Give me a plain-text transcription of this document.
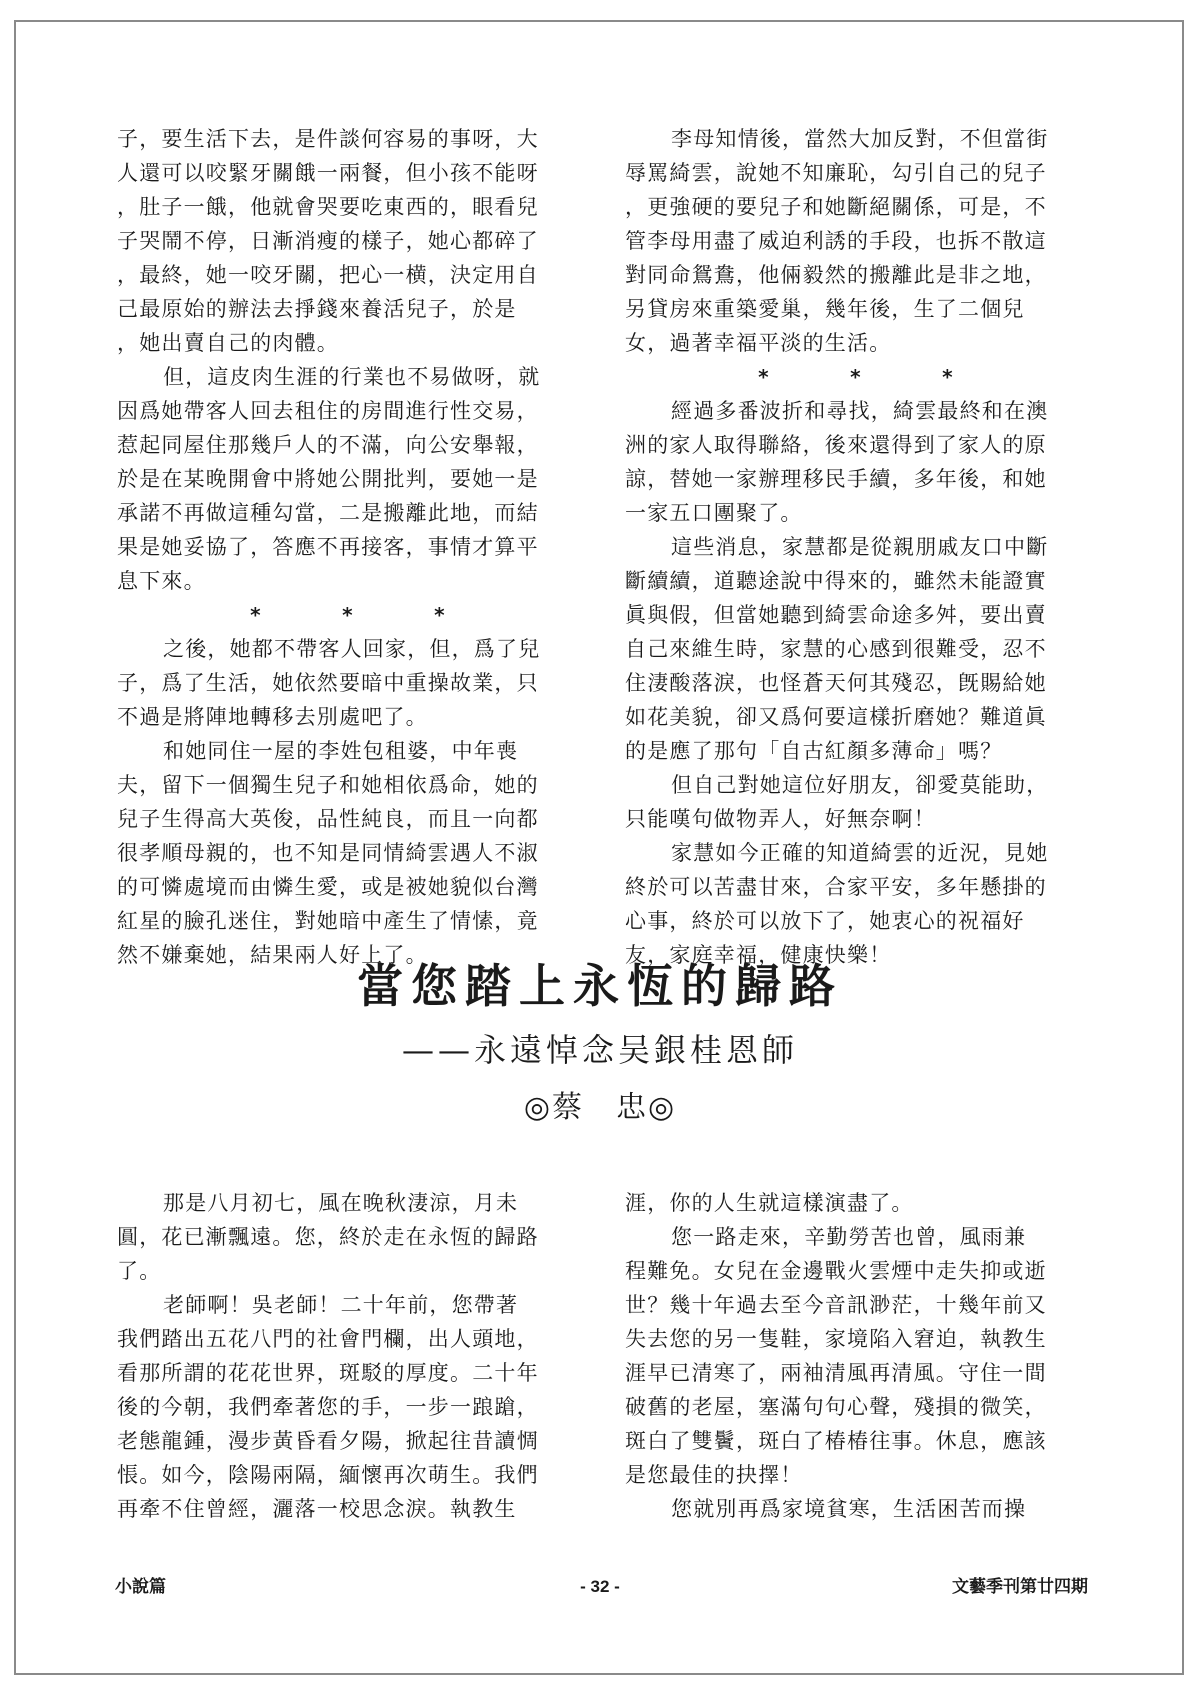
子，要生活下去，是件談何容易的事呀，大

人還可以咬緊牙關餓一兩餐，但小孩不能呀

，肚子一餓，他就會哭要吃東西的，眼看兒

子哭鬧不停，日漸消瘦的樣子，她心都碎了

，最終，她一咬牙關，把心一横，決定用自

己最原始的辦法去掙錢來養活兒子，於是

，她出賣自己的肉體。

但，這皮肉生涯的行業也不易做呀，就

因爲她帶客人回去租住的房間進行性交易，

惹起同屋住那幾戶人的不滿，向公安舉報，

於是在某晚開會中將她公開批判，要她一是

承諾不再做這種勾當，二是搬離此地，而結

果是她妥協了，答應不再接客，事情才算平

息下來。

*	*	*

之後，她都不帶客人回家，但，爲了兒

子，爲了生活，她依然要暗中重操故業，只

不過是將陣地轉移去別處吧了。

和她同住一屋的李姓包租婆，中年喪

夫，留下一個獨生兒子和她相依爲命，她的

兒子生得高大英俊，品性純良，而且一向都

很孝順母親的，也不知是同情綺雲遇人不淑

的可憐處境而由憐生愛，或是被她貌似台灣

紅星的臉孔迷住，對她暗中產生了情愫，竟

然不嫌棄她，結果兩人好上了。

李母知情後，當然大加反對，不但當街

辱罵綺雲，說她不知廉恥，勾引自己的兒子

，更強硬的要兒子和她斷絕關係，可是，不

管李母用盡了威迫利誘的手段，也拆不散這

對同命鴛鴦，他倆毅然的搬離此是非之地，

另貸房來重築愛巢，幾年後，生了二個兒

女，過著幸福平淡的生活。

*	*	*

經過多番波折和尋找，綺雲最終和在澳

洲的家人取得聯絡，後來還得到了家人的原

諒，替她一家辦理移民手續，多年後，和她

一家五口團聚了。

這些消息，家慧都是從親朋戚友口中斷

斷續續，道聽途說中得來的，雖然未能證實

眞與假，但當她聽到綺雲命途多舛，要出賣

自己來維生時，家慧的心感到很難受，忍不

住淒酸落淚，也怪蒼天何其殘忍，旣賜給她

如花美貌，卻又爲何要這樣折磨她？難道眞

的是應了那句「自古紅顏多薄命」嗎？

但自己對她這位好朋友，卻愛莫能助，

只能嘆句做物弄人，好無奈啊！

家慧如今正確的知道綺雲的近況，見她

終於可以苦盡甘來，合家平安，多年懸掛的

心事，終於可以放下了，她衷心的祝福好

友，家庭幸福，健康快樂！

當您踏上永恆的歸路
——永遠悼念吴銀桂恩師
◎蔡　忠◎

那是八月初七，風在晚秋淒涼，月未

圓，花已漸飄遠。您，終於走在永恆的歸路

了。

老師啊！吳老師！二十年前，您帶著

我們踏出五花八門的社會門欄，出人頭地，

看那所謂的花花世界，斑駁的厚度。二十年

後的今朝，我們牽著您的手，一步一踉蹌，

老態龍鍾，漫步黃昏看夕陽，掀起往昔讀惆

悵。如今，陰陽兩隔，緬懷再次萌生。我們

再牽不住曾經，灑落一校思念淚。執教生

涯，你的人生就這樣演盡了。

您一路走來，辛勤勞苦也曾，風雨兼

程難免。女兒在金邊戰火雲煙中走失抑或逝

世？幾十年過去至今音訊渺茫，十幾年前又

失去您的另一隻鞋，家境陷入窘迫，執教生

涯早已清寒了，兩袖清風再清風。守住一間

破舊的老屋，塞滿句句心聲，殘損的微笑，

斑白了雙鬢，斑白了椿椿往事。休息，應該

是您最佳的抉擇！

您就別再爲家境貧寒，生活困苦而操

小說篇	- 32 -	文藝季刊第廿四期
